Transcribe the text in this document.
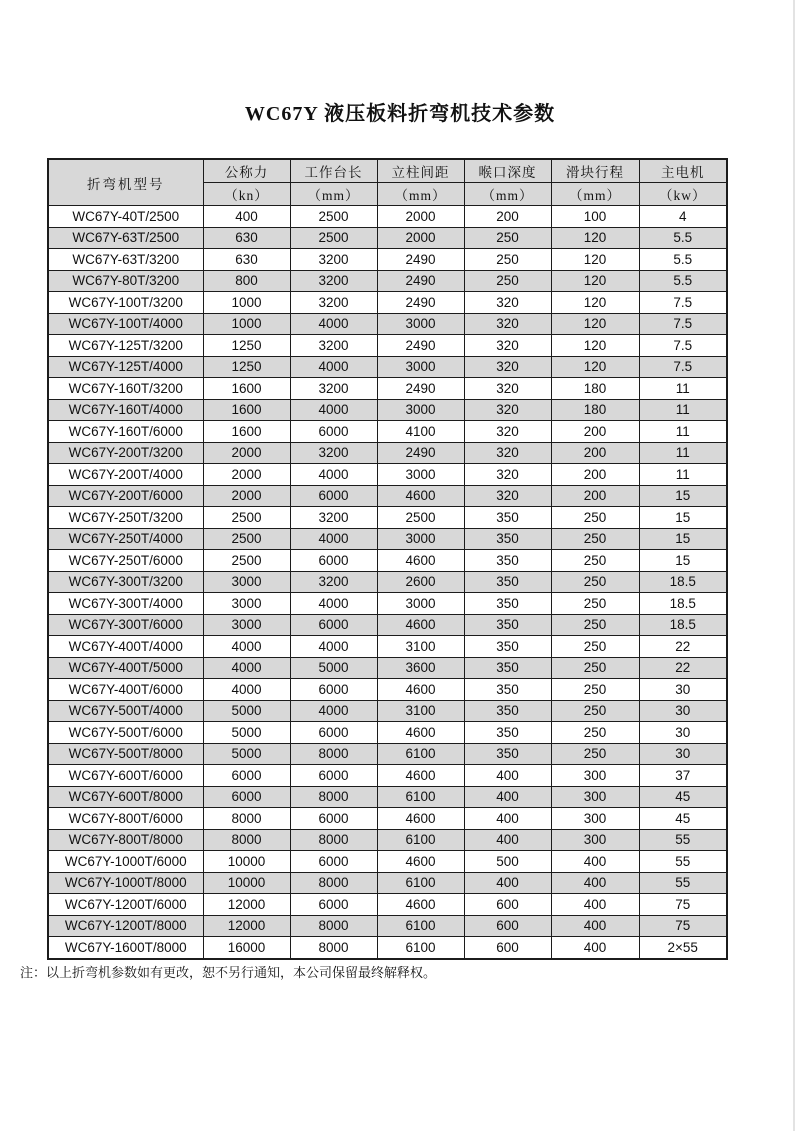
WC67Y 液压板料折弯机技术参数
折弯机型号	公称力	工作台长	立柱间距	喉口深度	滑块行程	主电机
	（kn）	（mm）	（mm）	（mm）	（mm）	（kw）
WC67Y-40T/2500	400	2500	2000	200	100	4
WC67Y-63T/2500	630	2500	2000	250	120	5.5
WC67Y-63T/3200	630	3200	2490	250	120	5.5
WC67Y-80T/3200	800	3200	2490	250	120	5.5
WC67Y-100T/3200	1000	3200	2490	320	120	7.5
WC67Y-100T/4000	1000	4000	3000	320	120	7.5
WC67Y-125T/3200	1250	3200	2490	320	120	7.5
WC67Y-125T/4000	1250	4000	3000	320	120	7.5
WC67Y-160T/3200	1600	3200	2490	320	180	11
WC67Y-160T/4000	1600	4000	3000	320	180	11
WC67Y-160T/6000	1600	6000	4100	320	200	11
WC67Y-200T/3200	2000	3200	2490	320	200	11
WC67Y-200T/4000	2000	4000	3000	320	200	11
WC67Y-200T/6000	2000	6000	4600	320	200	15
WC67Y-250T/3200	2500	3200	2500	350	250	15
WC67Y-250T/4000	2500	4000	3000	350	250	15
WC67Y-250T/6000	2500	6000	4600	350	250	15
WC67Y-300T/3200	3000	3200	2600	350	250	18.5
WC67Y-300T/4000	3000	4000	3000	350	250	18.5
WC67Y-300T/6000	3000	6000	4600	350	250	18.5
WC67Y-400T/4000	4000	4000	3100	350	250	22
WC67Y-400T/5000	4000	5000	3600	350	250	22
WC67Y-400T/6000	4000	6000	4600	350	250	30
WC67Y-500T/4000	5000	4000	3100	350	250	30
WC67Y-500T/6000	5000	6000	4600	350	250	30
WC67Y-500T/8000	5000	8000	6100	350	250	30
WC67Y-600T/6000	6000	6000	4600	400	300	37
WC67Y-600T/8000	6000	8000	6100	400	300	45
WC67Y-800T/6000	8000	6000	4600	400	300	45
WC67Y-800T/8000	8000	8000	6100	400	300	55
WC67Y-1000T/6000	10000	6000	4600	500	400	55
WC67Y-1000T/8000	10000	8000	6100	400	400	55
WC67Y-1200T/6000	12000	6000	4600	600	400	75
WC67Y-1200T/8000	12000	8000	6100	600	400	75
WC67Y-1600T/8000	16000	8000	6100	600	400	2×55

注：以上折弯机参数如有更改，恕不另行通知，本公司保留最终解释权。
